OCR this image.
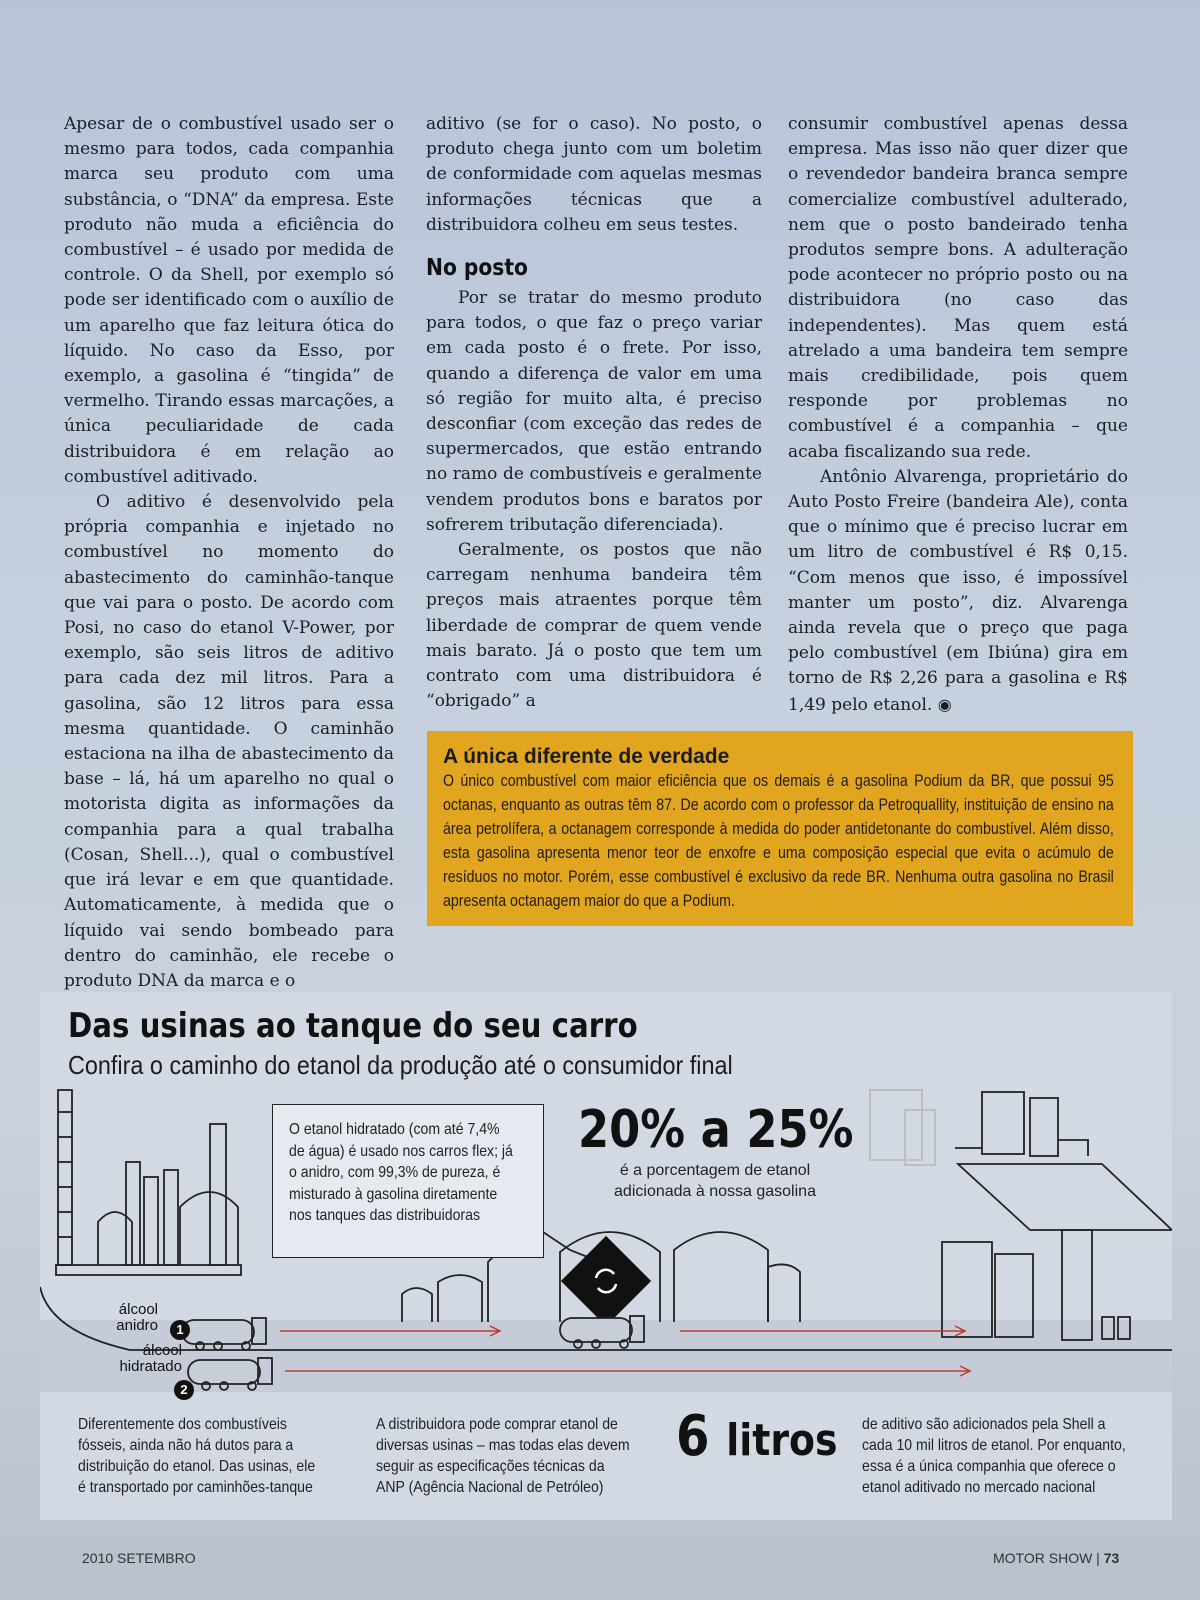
Apesar de o combustível usado ser o mesmo para todos, cada companhia marca seu produto com uma substância, o “DNA” da empresa. Este produto não muda a eficiência do combustível – é usado por medida de controle. O da Shell, por exemplo só pode ser identificado com o auxílio de um aparelho que faz leitura ótica do líquido. No caso da Esso, por exemplo, a gasolina é “tingida” de vermelho. Tirando essas marcações, a única peculiaridade de cada distribuidora é em relação ao combustível aditivado.

O aditivo é desenvolvido pela própria companhia e injetado no combustível no momento do abastecimento do caminhão-tanque que vai para o posto. De acordo com Posi, no caso do etanol V-Power, por exemplo, são seis litros de aditivo para cada dez mil litros. Para a gasolina, são 12 litros para essa mesma quantidade. O caminhão estaciona na ilha de abastecimento da base – lá, há um aparelho no qual o motorista digita as informações da companhia para a qual trabalha (Cosan, Shell...), qual o combustível que irá levar e em que quantidade. Automaticamente, à medida que o líquido vai sendo bombeado para dentro do caminhão, ele recebe o produto DNA da marca e o

aditivo (se for o caso). No posto, o produto chega junto com um boletim de conformidade com aquelas mesmas informações técnicas que a distribuidora colheu em seus testes.

No posto

Por se tratar do mesmo produto para todos, o que faz o preço variar em cada posto é o frete. Por isso, quando a diferença de valor em uma só região for muito alta, é preciso desconfiar (com exceção das redes de supermercados, que estão entrando no ramo de combustíveis e geralmente vendem produtos bons e baratos por sofrerem tributação diferenciada).

Geralmente, os postos que não carregam nenhuma bandeira têm preços mais atraentes porque têm liberdade de comprar de quem vende mais barato. Já o posto que tem um contrato com uma distribuidora é “obrigado” a

consumir combustível apenas dessa empresa. Mas isso não quer dizer que o revendedor bandeira branca sempre comercialize combustível adulterado, nem que o posto bandeirado tenha produtos sempre bons. A adulteração pode acontecer no próprio posto ou na distribuidora (no caso das independentes). Mas quem está atrelado a uma bandeira tem sempre mais credibilidade, pois quem responde por problemas no combustível é a companhia – que acaba fiscalizando sua rede.

Antônio Alvarenga, proprietário do Auto Posto Freire (bandeira Ale), conta que o mínimo que é preciso lucrar em um litro de combustível é R$ 0,15. “Com menos que isso, é impossível manter um posto”, diz. Alvarenga ainda revela que o preço que paga pelo combustível (em Ibiúna) gira em torno de R$ 2,26 para a gasolina e R$ 1,49 pelo etanol. ◉

A única diferente de verdade
O único combustível com maior eficiência que os demais é a gasolina Podium da BR, que possui 95 octanas, enquanto as outras têm 87. De acordo com o professor da Petroquallity, instituição de ensino na área petrolífera, a octanagem corresponde à medida do poder antidetonante do combustível. Além disso, esta gasolina apresenta menor teor de enxofre e uma composição especial que evita o acúmulo de resíduos no motor. Porém, esse combustível é exclusivo da rede BR. Nenhuma outra gasolina no Brasil apresenta octanagem maior do que a Podium.
Das usinas ao tanque do seu carro
Confira o caminho do etanol da produção até o consumidor final
O etanol hidratado (com até 7,4% de água) é usado nos carros flex; já o anidro, com 99,3% de pureza, é misturado à gasolina diretamente nos tanques das distribuidoras
20% a 25%
é a porcentagem de etanol adicionada à nossa gasolina
álcool anidro
álcool hidratado
1
2
Diferentemente dos combustíveis fósseis, ainda não há dutos para a distribuição do etanol. Das usinas, ele é transportado por caminhões-tanque
A distribuidora pode comprar etanol de diversas usinas – mas todas elas devem seguir as especificações técnicas da ANP (Agência Nacional de Petróleo)
6 litros de aditivo são adicionados pela Shell a cada 10 mil litros de etanol. Por enquanto, essa é a única companhia que oferece o etanol aditivado no mercado nacional
2010 SETEMBRO	MOTOR SHOW | 73
